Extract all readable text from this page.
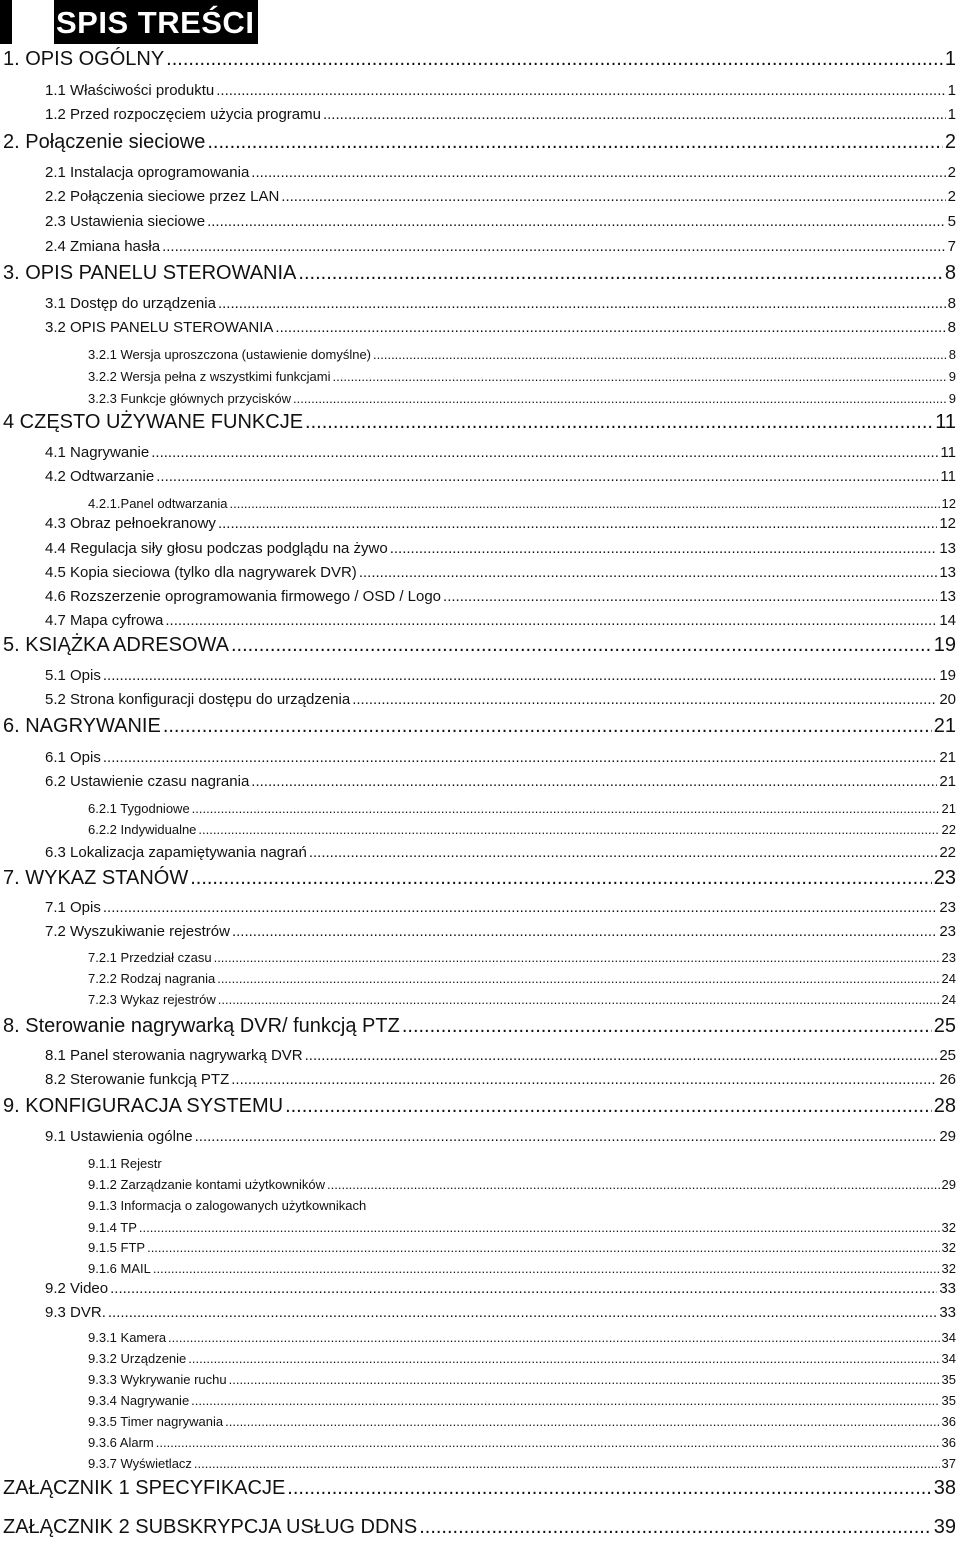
SPIS TREŚCI
1. OPIS OGÓLNY .....	1
1.1 Właściwości produktu .....	1
1.2 Przed rozpoczęciem użycia programu .....	1
2. Połączenie sieciowe .....	2
2.1 Instalacja oprogramowania .....	2
2.2 Połączenia sieciowe przez LAN .....	2
2.3 Ustawienia sieciowe .....	5
2.4 Zmiana hasła .....	7
3. OPIS PANELU STEROWANIA .....	8
3.1 Dostęp do urządzenia .....	8
3.2 OPIS PANELU STEROWANIA .....	8
3.2.1 Wersja uproszczona (ustawienie domyślne) .....	8
3.2.2 Wersja pełna z wszystkimi funkcjami .....	9
3.2.3 Funkcje głównych przycisków .....	9
4 CZĘSTO UŻYWANE FUNKCJE .....	11
4.1 Nagrywanie .....	11
4.2 Odtwarzanie .....	11
4.2.1.Panel odtwarzania .....	12
4.3 Obraz pełnoekranowy .....	12
4.4 Regulacja siły głosu podczas podglądu na żywo .....	13
4.5 Kopia sieciowa (tylko dla nagrywarek DVR) .....	13
4.6 Rozszerzenie oprogramowania firmowego / OSD / Logo .....	13
4.7 Mapa cyfrowa .....	14
5. KSIĄŻKA ADRESOWA .....	19
5.1 Opis .....	19
5.2 Strona konfiguracji dostępu do urządzenia .....	20
6. NAGRYWANIE .....	21
6.1 Opis .....	21
6.2 Ustawienie czasu nagrania .....	21
6.2.1 Tygodniowe .....	21
6.2.2 Indywidualne .....	22
6.3 Lokalizacja zapamiętywania nagrań .....	22
7. WYKAZ STANÓW .....	23
7.1 Opis .....	23
7.2 Wyszukiwanie rejestrów .....	23
7.2.1 Przedział czasu .....	23
7.2.2 Rodzaj nagrania .....	24
7.2.3 Wykaz rejestrów .....	24
8. Sterowanie nagrywarką DVR/ funkcją PTZ .....	25
8.1 Panel sterowania nagrywarką DVR .....	25
8.2 Sterowanie funkcją PTZ .....	26
9. KONFIGURACJA SYSTEMU .....	28
9.1 Ustawienia ogólne .....	29
9.1.1 Rejestr
9.1.2 Zarządzanie kontami użytkowników .....	29
9.1.3 Informacja o zalogowanych użytkownikach
9.1.4 TP .....	32
9.1.5 FTP .....	32
9.1.6 MAIL .....	32
9.2 Video .....	33
9.3 DVR. .....	33
9.3.1 Kamera .....	34
9.3.2 Urządzenie .....	34
9.3.3 Wykrywanie ruchu .....	35
9.3.4 Nagrywanie .....	35
9.3.5 Timer nagrywania .....	36
9.3.6 Alarm .....	36
9.3.7 Wyświetlacz .....	37
ZAŁĄCZNIK 1 SPECYFIKACJE .....	38
ZAŁĄCZNIK 2 SUBSKRYPCJA USŁUG DDNS .....	39
